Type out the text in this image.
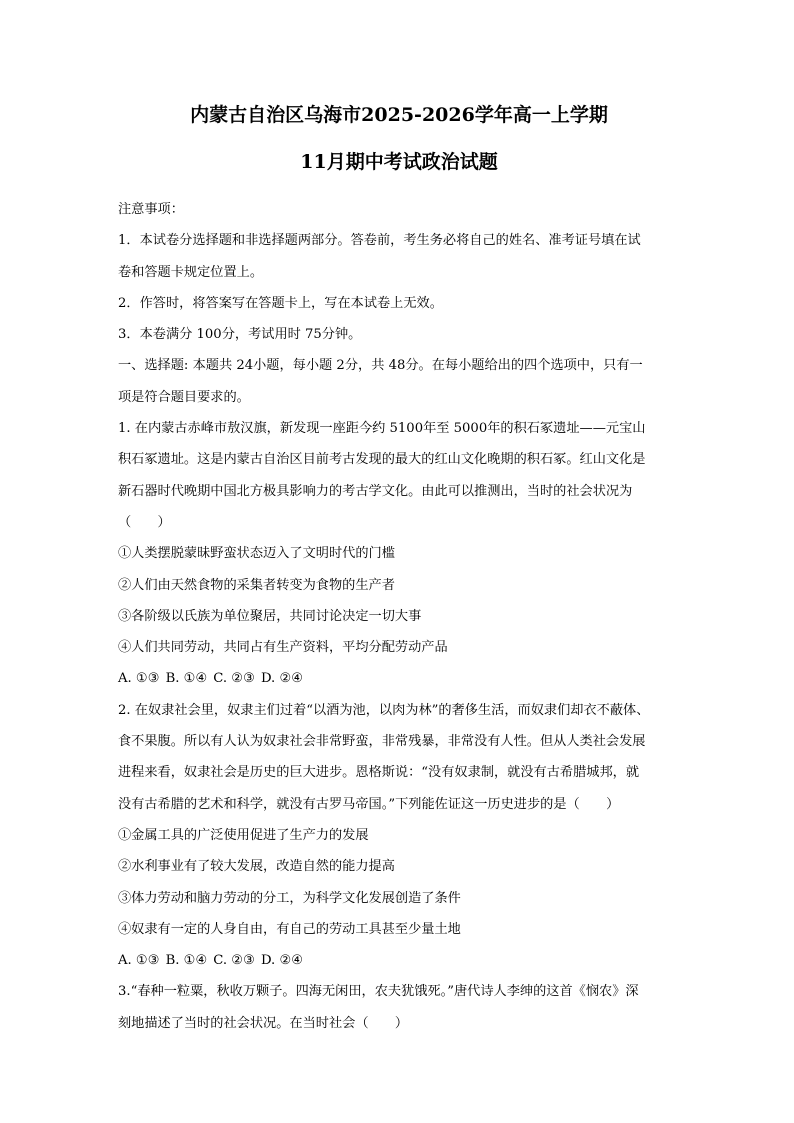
内蒙古自治区乌海市2025-2026学年高一上学期
11月期中考试政治试题
注意事项：
1．本试卷分选择题和非选择题两部分。答卷前，考生务必将自己的姓名、准考证号填在试
卷和答题卡规定位置上。
2．作答时，将答案写在答题卡上，写在本试卷上无效。
3．本卷满分 100分，考试用时 75分钟。
一、选择题: 本题共 24小题，每小题 2分，共 48分。在每小题给出的四个选项中，只有一
项是符合题目要求的。
1. 在内蒙古赤峰市敖汉旗，新发现一座距今约 5100年至 5000年的积石冢遗址——元宝山
积石冢遗址。这是内蒙古自治区目前考古发现的最大的红山文化晚期的积石冢。红山文化是
新石器时代晚期中国北方极具影响力的考古学文化。由此可以推测出，当时的社会状况为
（　　）
①人类摆脱蒙昧野蛮状态迈入了文明时代的门槛
②人们由天然食物的采集者转变为食物的生产者
③各阶级以氏族为单位聚居，共同讨论决定一切大事
④人们共同劳动，共同占有生产资料，平均分配劳动产品
A. ①③ B. ①④ C. ②③ D. ②④
2. 在奴隶社会里，奴隶主们过着“以酒为池，以肉为林”的奢侈生活，而奴隶们却衣不蔽体、
食不果腹。所以有人认为奴隶社会非常野蛮，非常残暴，非常没有人性。但从人类社会发展
进程来看，奴隶社会是历史的巨大进步。恩格斯说：“没有奴隶制，就没有古希腊城邦，就
没有古希腊的艺术和科学，就没有古罗马帝国。”下列能佐证这一历史进步的是（　　）
①金属工具的广泛使用促进了生产力的发展
②水利事业有了较大发展，改造自然的能力提高
③体力劳动和脑力劳动的分工，为科学文化发展创造了条件
④奴隶有一定的人身自由，有自己的劳动工具甚至少量土地
A. ①③ B. ①④ C. ②③ D. ②④
3.“春种一粒粟，秋收万颗子。四海无闲田，农夫犹饿死。”唐代诗人李绅的这首《悯农》深
刻地描述了当时的社会状况。在当时社会（　　）
